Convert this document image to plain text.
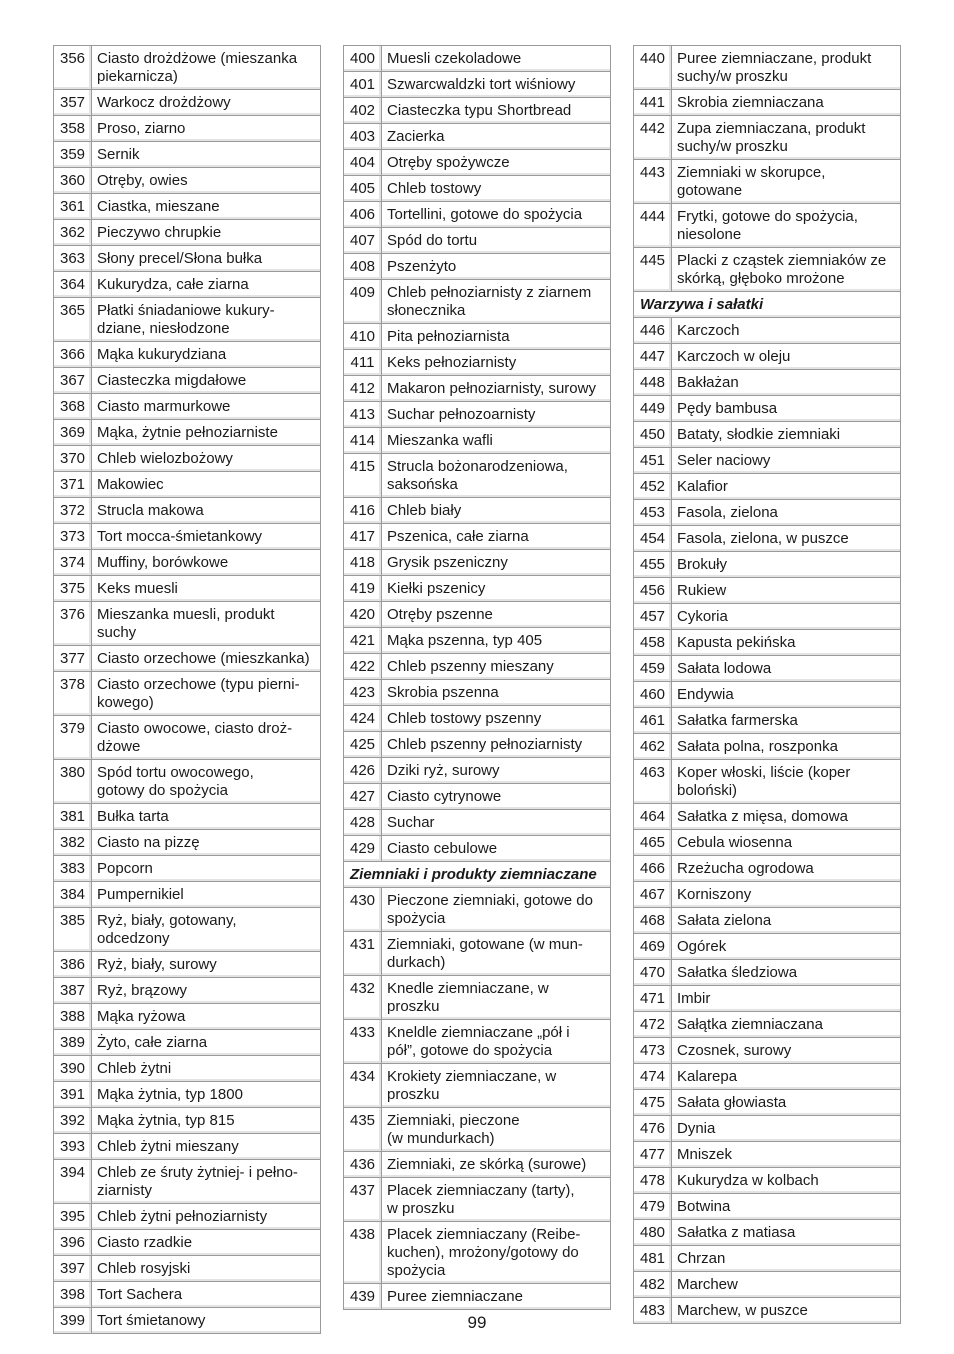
356 Ciasto drożdżowe (mieszanka
piekarnicza)
357 Warkocz drożdżowy
358 Proso, ziarno
359 Sernik
360 Otręby, owies
361 Ciastka, mieszane
362 Pieczywo chrupkie
363 Słony precel/Słona bułka
364 Kukurydza, całe ziarna
365 Płatki śniadaniowe kukury-
dziane, niesłodzone
366 Mąka kukurydziana
367 Ciasteczka migdałowe
368 Ciasto marmurkowe
369 Mąka, żytnie pełnoziarniste
370 Chleb wielozbożowy
371 Makowiec
372 Strucla makowa
373 Tort mocca-śmietankowy
374 Muffiny, borówkowe
375 Keks muesli
376 Mieszanka muesli, produkt
suchy
377 Ciasto orzechowe (mieszkanka)
378 Ciasto orzechowe (typu pierni-
kowego)
379 Ciasto owocowe, ciasto droż-
dżowe
380 Spód tortu owocowego,
gotowy do spożycia
381 Bułka tarta
382 Ciasto na pizzę
383 Popcorn
384 Pumpernikiel
385 Ryż, biały, gotowany,
odcedzony
386 Ryż, biały, surowy
387 Ryż, brązowy
388 Mąka ryżowa
389 Żyto, całe ziarna
390 Chleb żytni
391 Mąka żytnia, typ 1800
392 Mąka żytnia, typ 815
393 Chleb żytni mieszany
394 Chleb ze śruty żytniej- i pełno-
ziarnisty
395 Chleb żytni pełnoziarnisty
396 Ciasto rzadkie
397 Chleb rosyjski
398 Tort Sachera
399 Tort śmietanowy
400 Muesli czekoladowe
401 Szwarcwaldzki tort wiśniowy
402 Ciasteczka typu Shortbread
403 Zacierka
404 Otręby spożywcze
405 Chleb tostowy
406 Tortellini, gotowe do spożycia
407 Spód do tortu
408 Pszenżyto
409 Chleb pełnoziarnisty z ziarnem
słonecznika
410 Pita pełnoziarnista
411 Keks pełnoziarnisty
412 Makaron pełnoziarnisty, surowy
413 Suchar pełnozoarnisty
414 Mieszanka wafli
415 Strucla bożonarodzeniowa,
saksońska
416 Chleb biały
417 Pszenica, całe ziarna
418 Grysik pszeniczny
419 Kiełki pszenicy
420 Otręby pszenne
421 Mąka pszenna, typ 405
422 Chleb pszenny mieszany
423 Skrobia pszenna
424 Chleb tostowy pszenny
425 Chleb pszenny pełnoziarnisty
426 Dziki ryż, surowy
427 Ciasto cytrynowe
428 Suchar
429 Ciasto cebulowe
Ziemniaki i produkty ziemniaczane
430 Pieczone ziemniaki, gotowe do
spożycia
431 Ziemniaki, gotowane (w mun-
durkach)
432 Knedle ziemniaczane, w
proszku
433 Kneldle ziemniaczane „pół i
pół”, gotowe do spożycia
434 Krokiety ziemniaczane, w
proszku
435 Ziemniaki, pieczone
(w mundurkach)
436 Ziemniaki, ze skórką (surowe)
437 Placek ziemniaczany (tarty),
w proszku
438 Placek ziemniaczany (Reibe-
kuchen), mrożony/gotowy do
spożycia
439 Puree ziemniaczane
440 Puree ziemniaczane, produkt
suchy/w proszku
441 Skrobia ziemniaczana
442 Zupa ziemniaczana, produkt
suchy/w proszku
443 Ziemniaki w skorupce,
gotowane
444 Frytki, gotowe do spożycia,
niesolone
445 Placki z cząstek ziemniaków ze
skórką, głęboko mrożone
Warzywa i sałatki
446 Karczoch
447 Karczoch w oleju
448 Bakłażan
449 Pędy bambusa
450 Bataty, słodkie ziemniaki
451 Seler naciowy
452 Kalafior
453 Fasola, zielona
454 Fasola, zielona, w puszce
455 Brokuły
456 Rukiew
457 Cykoria
458 Kapusta pekińska
459 Sałata lodowa
460 Endywia
461 Sałatka farmerska
462 Sałata polna, roszponka
463 Koper włoski, liście (koper
boloński)
464 Sałatka z mięsa, domowa
465 Cebula wiosenna
466 Rzeżucha ogrodowa
467 Korniszony
468 Sałata zielona
469 Ogórek
470 Sałatka śledziowa
471 Imbir
472 Sałątka ziemniaczana
473 Czosnek, surowy
474 Kalarepa
475 Sałata głowiasta
476 Dynia
477 Mniszek
478 Kukurydza w kolbach
479 Botwina
480 Sałatka z matiasa
481 Chrzan
482 Marchew
483 Marchew, w puszce
99
